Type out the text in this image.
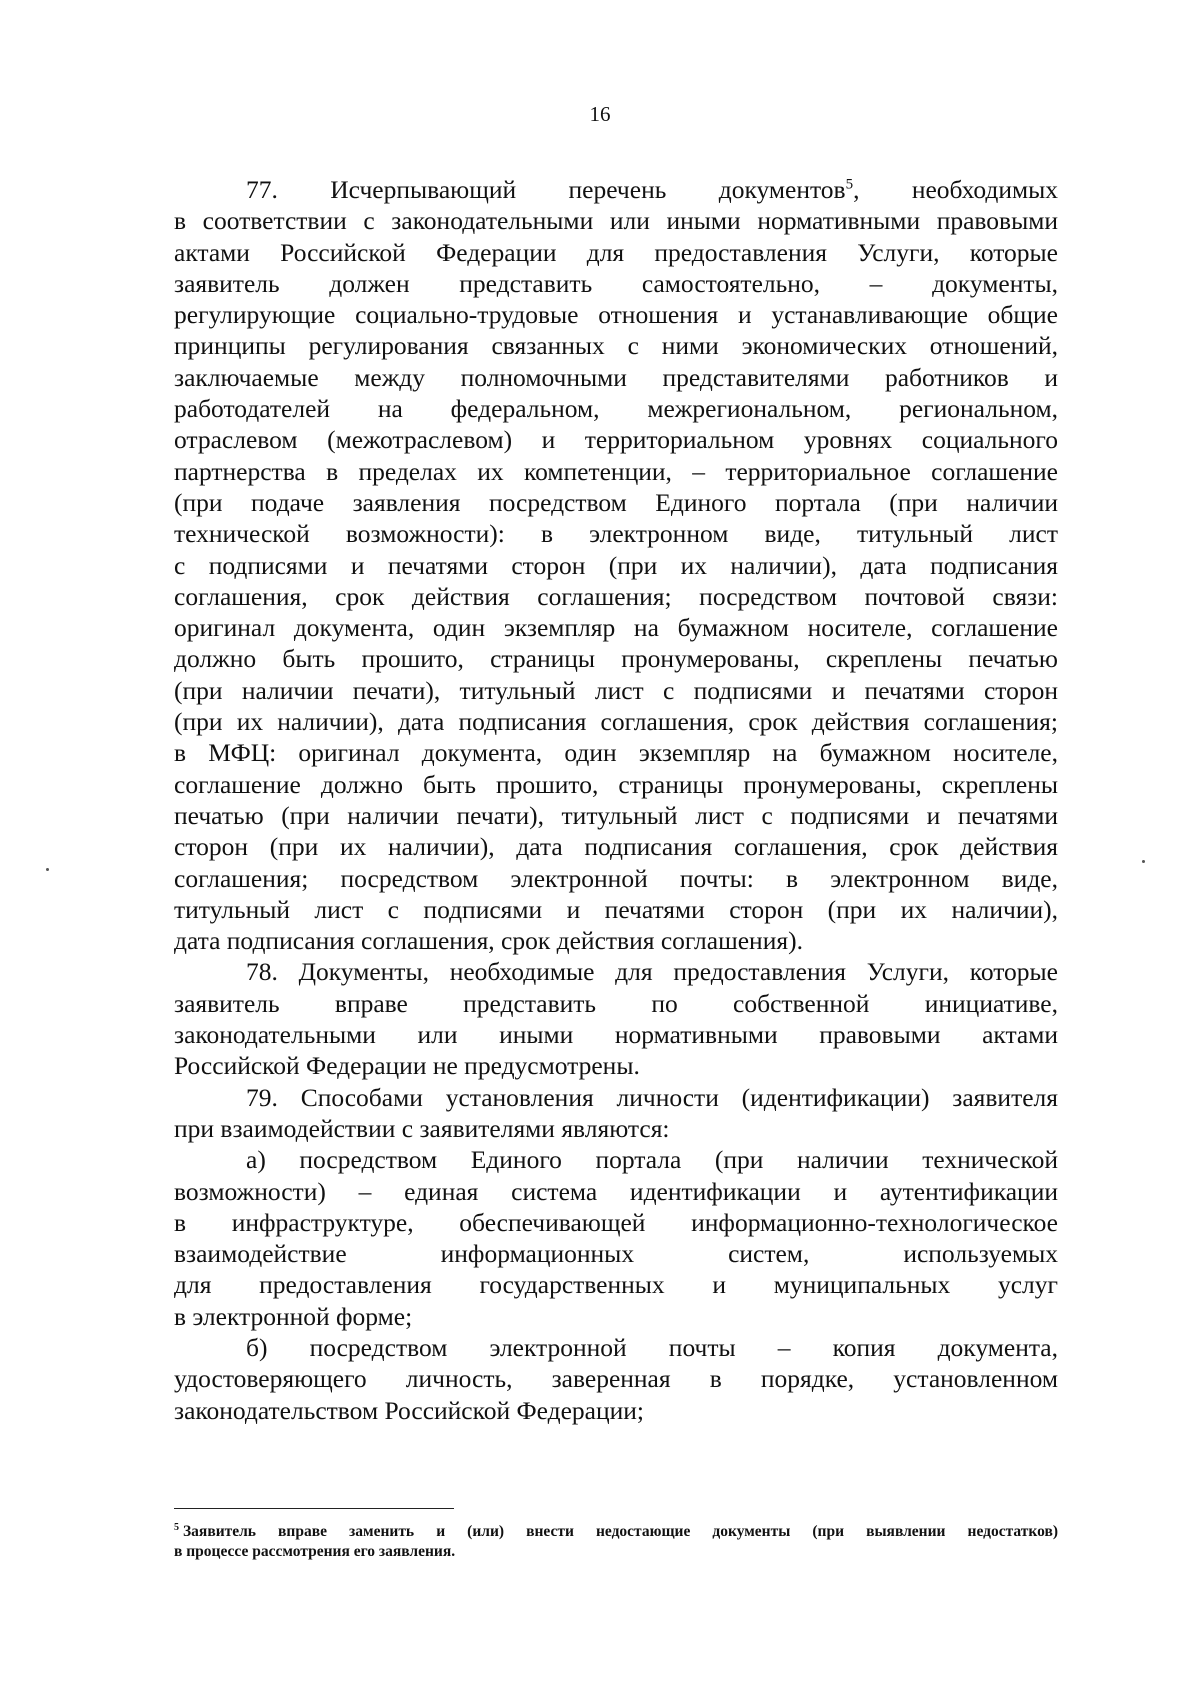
16
77. Исчерпывающий перечень документов$^5$, необходимых
в соответствии с законодательными или иными нормативными правовыми
актами Российской Федерации для предоставления Услуги, которые
заявитель должен представить самостоятельно, – документы,
регулирующие социально-трудовые отношения и устанавливающие общие
принципы регулирования связанных с ними экономических отношений,
заключаемые между полномочными представителями работников и
работодателей на федеральном, межрегиональном, региональном,
отраслевом (межотраслевом) и территориальном уровнях социального
партнерства в пределах их компетенции, – территориальное соглашение
(при подаче заявления посредством Единого портала (при наличии
технической возможности): в электронном виде, титульный лист
с подписями и печатями сторон (при их наличии), дата подписания
соглашения, срок действия соглашения; посредством почтовой связи:
оригинал документа, один экземпляр на бумажном носителе, соглашение
должно быть прошито, страницы пронумерованы, скреплены печатью
(при наличии печати), титульный лист с подписями и печатями сторон
(при их наличии), дата подписания соглашения, срок действия соглашения;
в МФЦ: оригинал документа, один экземпляр на бумажном носителе,
соглашение должно быть прошито, страницы пронумерованы, скреплены
печатью (при наличии печати), титульный лист с подписями и печатями
сторон (при их наличии), дата подписания соглашения, срок действия
соглашения; посредством электронной почты: в электронном виде,
титульный лист с подписями и печатями сторон (при их наличии),
дата подписания соглашения, срок действия соглашения).
78. Документы, необходимые для предоставления Услуги, которые
заявитель вправе представить по собственной инициативе,
законодательными или иными нормативными правовыми актами
Российской Федерации не предусмотрены.
79. Способами установления личности (идентификации) заявителя
при взаимодействии с заявителями являются:
а) посредством Единого портала (при наличии технической
возможности) – единая система идентификации и аутентификации
в инфраструктуре, обеспечивающей информационно-технологическое
взаимодействие информационных систем, используемых
для предоставления государственных и муниципальных услуг
в электронной форме;
б) посредством электронной почты – копия документа,
удостоверяющего личность, заверенная в порядке, установленном
законодательством Российской Федерации;
$^5$ Заявитель вправе заменить и (или) внести недостающие документы (при выявлении недостатков)
в процессе рассмотрения его заявления.
